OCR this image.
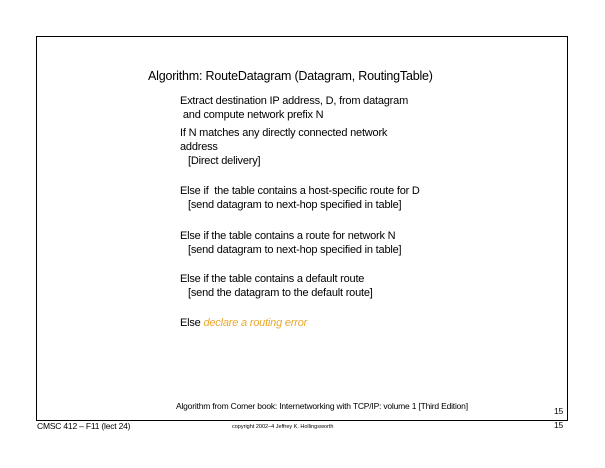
Algorithm: RouteDatagram (Datagram, RoutingTable)
Extract destination IP address, D, from datagram
and compute network prefix N
If N matches any directly connected network
address
[Direct delivery]
Else if  the table contains a host-specific route for D
[send datagram to next-hop specified in table]
Else if the table contains a route for network N
[send datagram to next-hop specified in table]
Else if the table contains a default route
[send the datagram to the default route]
Else declare a routing error
Algorithm from Comer book: Internetworking with TCP/IP: volume 1 [Third Edition]	15
CMSC 412 – F11 (lect 24)	copyright 2002–4 Jeffrey K. Hollingsworth	15
